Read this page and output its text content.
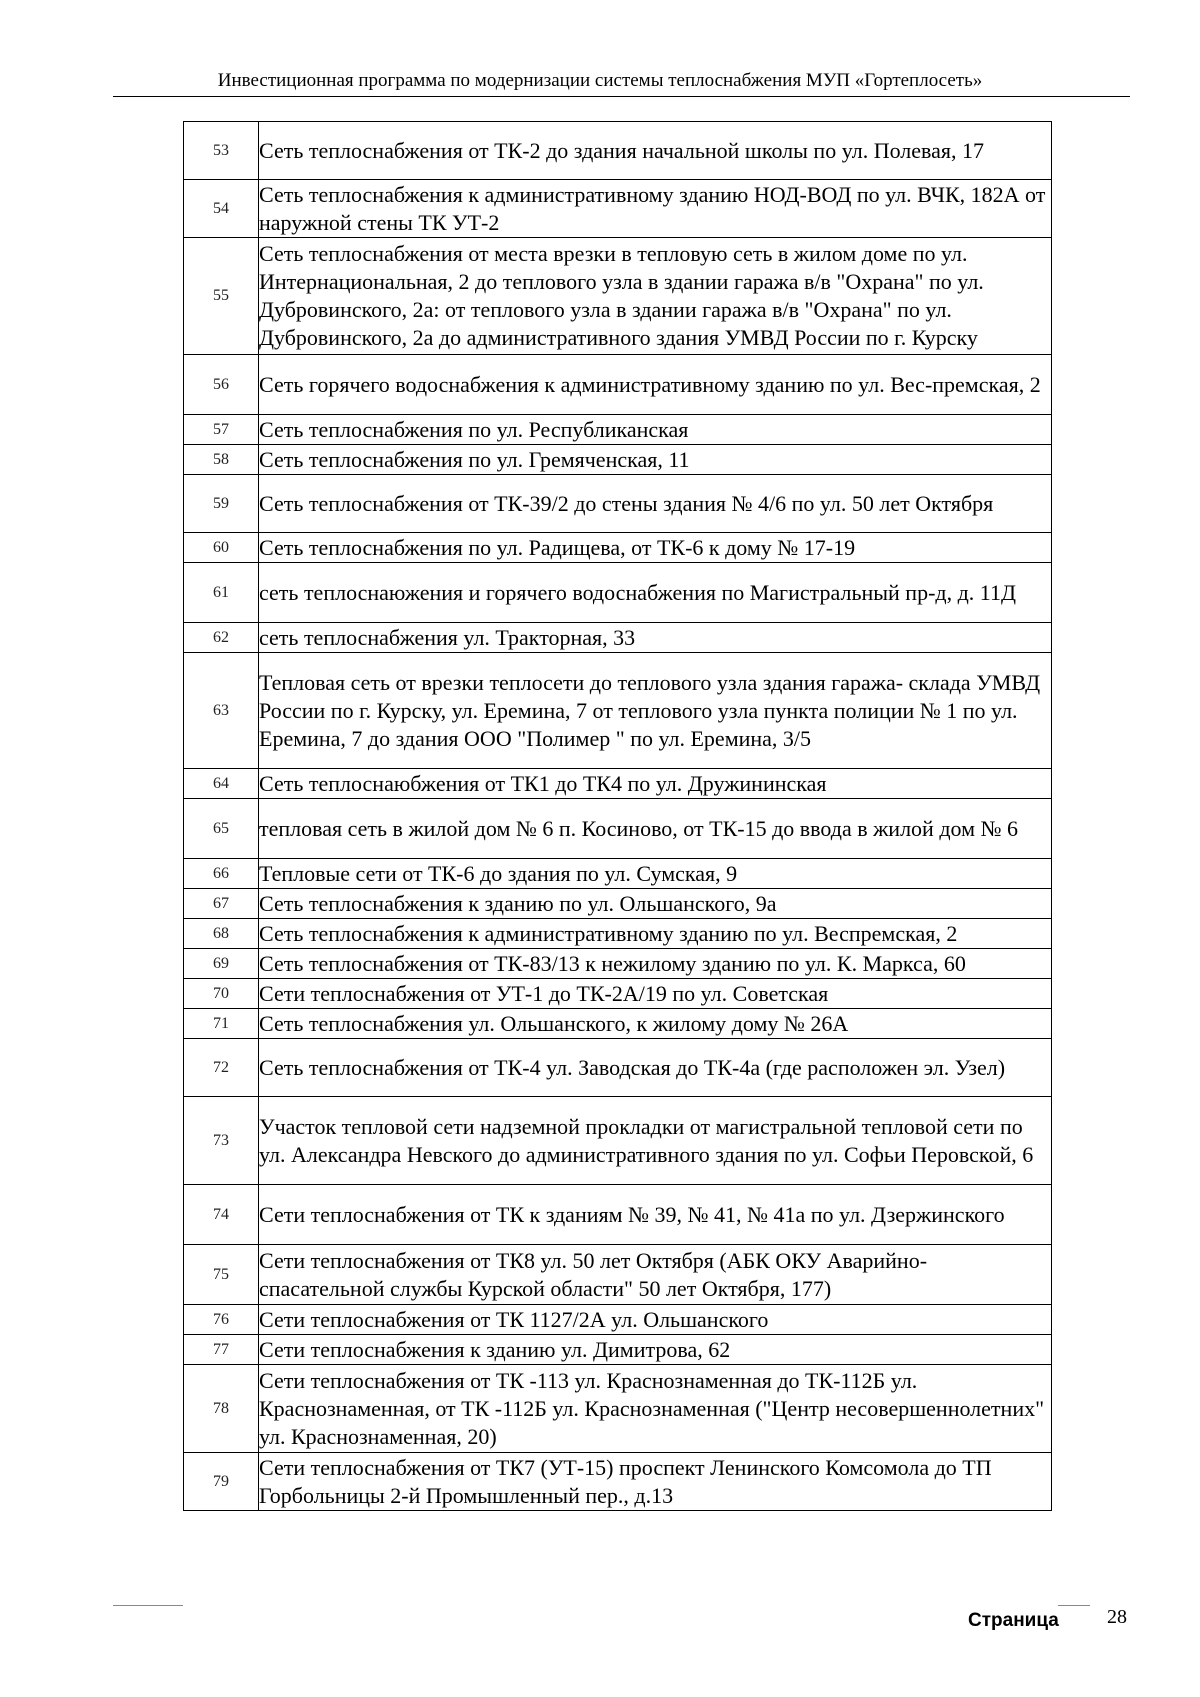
Инвестиционная программа по модернизации системы теплоснабжения МУП «Гортеплосеть»
53	Сеть теплоснабжения от ТК-2 до здания начальной школы по ул. Полевая, 17
54	Сеть теплоснабжения к административному зданию НОД-ВОД по ул. ВЧК, 182А от наружной стены ТК УТ-2
55	Сеть теплоснабжения от места врезки в тепловую сеть в жилом доме по ул. Интернациональная, 2 до теплового узла в здании гаража в/в "Охрана" по ул. Дубровинского, 2а: от теплового узла в здании гаража в/в "Охрана" по ул. Дубровинского, 2а до административного здания УМВД России по г. Курску
56	Сеть горячего водоснабжения к административному зданию по ул. Вес-премская, 2
57	Сеть теплоснабжения по ул. Республиканская
58	Сеть теплоснабжения по ул. Гремяченская, 11
59	Сеть теплоснабжения от ТК-39/2 до стены здания № 4/6 по ул. 50 лет Октября
60	Сеть теплоснабжения по ул. Радищева, от ТК-6 к дому № 17-19
61	сеть теплоснаюжения и горячего водоснабжения по Магистральный пр-д, д. 11Д
62	сеть теплоснабжения ул. Тракторная, 33
63	Тепловая сеть от врезки теплосети до теплового узла здания гаража- склада УМВД России по г. Курску, ул. Еремина, 7 от теплового узла пункта полиции № 1 по ул. Еремина, 7 до здания ООО "Полимер " по ул. Еремина, 3/5
64	Сеть теплоснаюбжения от ТК1 до ТК4 по ул. Дружининская
65	тепловая сеть в жилой дом № 6 п. Косиново, от ТК-15 до ввода в жилой дом № 6
66	Тепловые сети от ТК-6 до здания по ул. Сумская, 9
67	Сеть теплоснабжения к зданию по ул. Ольшанского, 9а
68	Сеть теплоснабжения к административному зданию по ул. Веспремская, 2
69	Сеть теплоснабжения от ТК-83/13 к нежилому зданию по ул. К. Маркса, 60
70	Сети теплоснабжения от УТ-1 до ТК-2А/19 по ул. Советская
71	Сеть теплоснабжения ул. Ольшанского, к жилому дому № 26А
72	Сеть теплоснабжения от ТК-4 ул. Заводская до ТК-4а (где расположен эл. Узел)
73	Участок тепловой сети надземной прокладки от магистральной тепловой сети по ул. Александра Невского до административного здания по ул. Софьи Перовской, 6
74	Сети теплоснабжения от ТК к зданиям № 39, № 41, № 41а по ул. Дзержинского
75	Сети теплоснабжения от ТК8 ул. 50 лет Октября (АБК ОКУ Аварийно-спасательной службы Курской области" 50 лет Октября, 177)
76	Сети теплоснабжения от ТК 1127/2А ул. Ольшанского
77	Сети теплоснабжения к зданию ул. Димитрова, 62
78	Сети теплоснабжения от ТК -113 ул. Краснознаменная до ТК-112Б ул. Краснознаменная, от ТК -112Б ул. Краснознаменная ("Центр несовершеннолетних" ул. Краснознаменная, 20)
79	Сети теплоснабжения от ТК7 (УТ-15) проспект Ленинского Комсомола до ТП Горбольницы 2-й Промышленный пер., д.13
Страница 28
